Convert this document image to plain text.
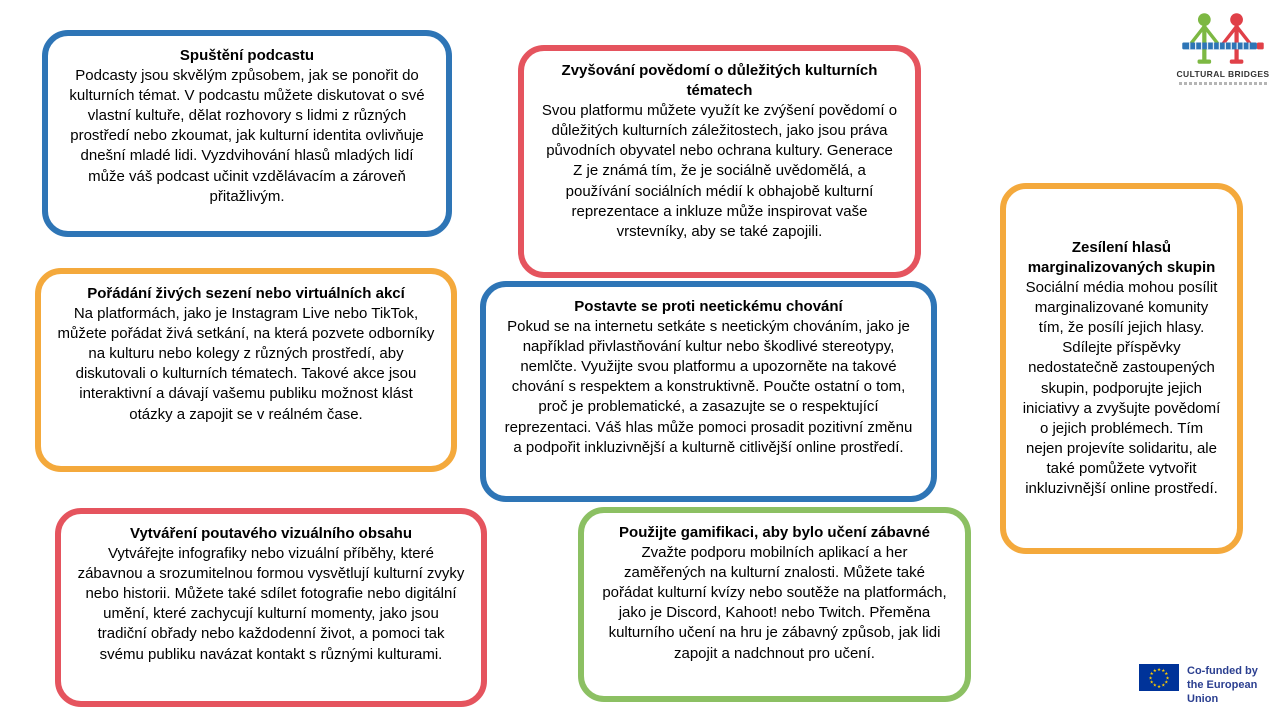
Spuštění podcastu
Podcasty jsou skvělým způsobem, jak se ponořit do kulturních témat. V podcastu můžete diskutovat o své vlastní kultuře, dělat rozhovory s lidmi z různých prostředí nebo zkoumat, jak kulturní identita ovlivňuje dnešní mladé lidi. Vyzdvihování hlasů mladých lidí může váš podcast učinit vzdělávacím a zároveň přitažlivým.
Zvyšování povědomí o důležitých kulturních tématech
Svou platformu můžete využít ke zvýšení povědomí o důležitých kulturních záležitostech, jako jsou práva původních obyvatel nebo ochrana kultury. Generace Z je známá tím, že je sociálně uvědomělá, a používání sociálních médií k obhajobě kulturní reprezentace a inkluze může inspirovat vaše vrstevníky, aby se také zapojili.
Zesílení hlasů marginalizovaných skupin
Sociální média mohou posílit marginalizované komunity tím, že posílí jejich hlasy. Sdílejte příspěvky nedostatečně zastoupených skupin, podporujte jejich iniciativy a zvyšujte povědomí o jejich problémech. Tím nejen projevíte solidaritu, ale také pomůžete vytvořit inkluzivnější online prostředí.
Pořádání živých sezení nebo virtuálních akcí
Na platformách, jako je Instagram Live nebo TikTok, můžete pořádat živá setkání, na která pozvete odborníky na kulturu nebo kolegy z různých prostředí, aby diskutovali o kulturních tématech. Takové akce jsou interaktivní a dávají vašemu publiku možnost klást otázky a zapojit se v reálném čase.
Postavte se proti neetickému chování
Pokud se na internetu setkáte s neetickým chováním, jako je například přivlastňování kultur nebo škodlivé stereotypy, nemlčte. Využijte svou platformu a upozorněte na takové chování s respektem a konstruktivně. Poučte ostatní o tom, proč je problematické, a zasazujte se o respektující reprezentaci. Váš hlas může pomoci prosadit pozitivní změnu a podpořit inkluzivnější a kulturně citlivější online prostředí.
Vytváření poutavého vizuálního obsahu
Vytvářejte infografiky nebo vizuální příběhy, které zábavnou a srozumitelnou formou vysvětlují kulturní zvyky nebo historii. Můžete také sdílet fotografie nebo digitální umění, které zachycují kulturní momenty, jako jsou tradiční obřady nebo každodenní život, a pomoci tak svému publiku navázat kontakt s různými kulturami.
Použijte gamifikaci, aby bylo učení zábavné
Zvažte podporu mobilních aplikací a her zaměřených na kulturní znalosti. Můžete také pořádat kulturní kvízy nebo soutěže na platformách, jako je Discord, Kahoot! nebo Twitch. Přeměna kulturního učení na hru je zábavný způsob, jak lidi zapojit a nadchnout pro učení.
CULTURAL BRIDGES
★ ★
★
★
★
★
★
★
★
★
★
★	Co-funded by
the European Union
